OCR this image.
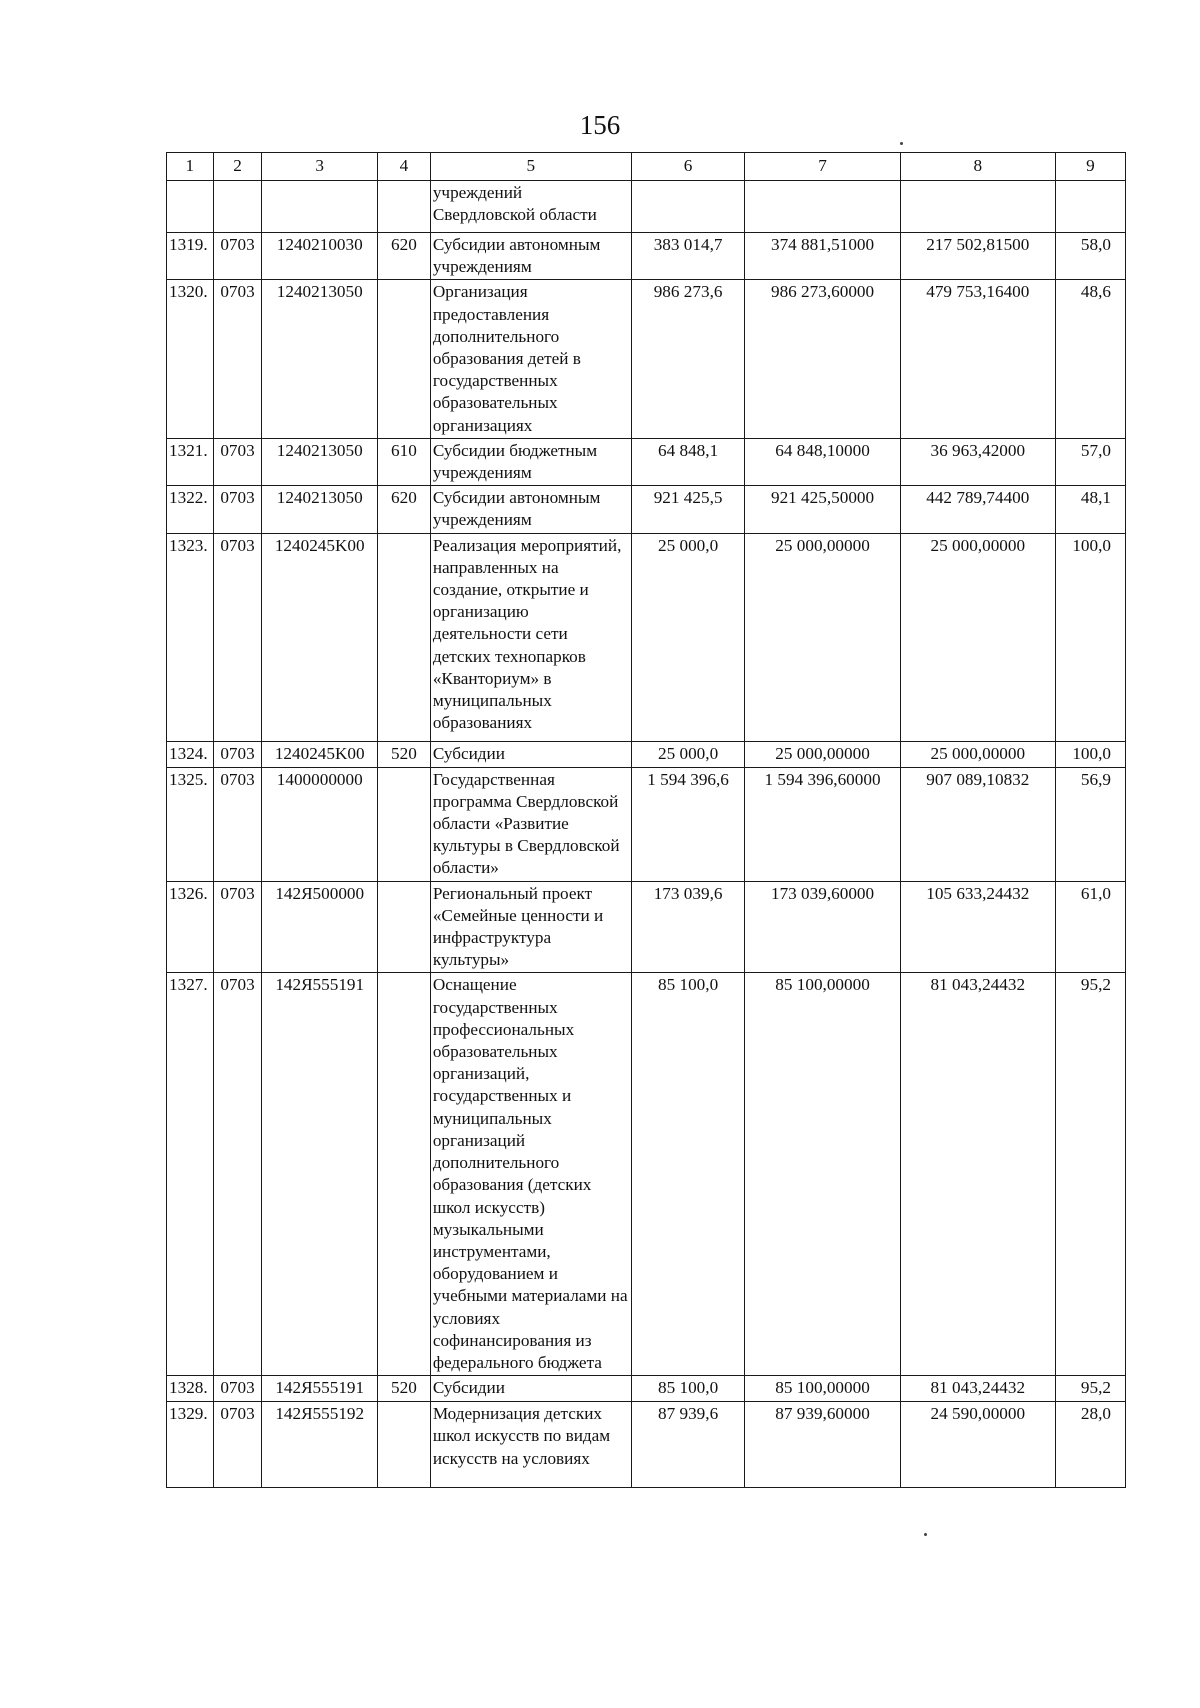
156
1	2	3	4	5	6	7	8	9
				учреждений Свердловской области				
1319.	0703	1240210030	620	Субсидии автономным учреждениям	383 014,7	374 881,51000	217 502,81500	58,0
1320.	0703	1240213050		Организация предоставления дополнительного образования детей в государственных образовательных организациях	986 273,6	986 273,60000	479 753,16400	48,6
1321.	0703	1240213050	610	Субсидии бюджетным учреждениям	64 848,1	64 848,10000	36 963,42000	57,0
1322.	0703	1240213050	620	Субсидии автономным учреждениям	921 425,5	921 425,50000	442 789,74400	48,1
1323.	0703	1240245K00		Реализация мероприятий, направленных на создание, открытие и организацию деятельности сети детских технопарков «Кванториум» в муниципальных образованиях	25 000,0	25 000,00000	25 000,00000	100,0
1324.	0703	1240245K00	520	Субсидии	25 000,0	25 000,00000	25 000,00000	100,0
1325.	0703	1400000000		Государственная программа Свердловской области «Развитие культуры в Свердловской области»	1 594 396,6	1 594 396,60000	907 089,10832	56,9
1326.	0703	142Я500000		Региональный проект «Семейные ценности и инфраструктура культуры»	173 039,6	173 039,60000	105 633,24432	61,0
1327.	0703	142Я555191		Оснащение государственных профессиональных образовательных организаций, государственных и муниципальных организаций дополнительного образования (детских школ искусств) музыкальными инструментами, оборудованием и учебными материалами на условиях софинансирования из федерального бюджета	85 100,0	85 100,00000	81 043,24432	95,2
1328.	0703	142Я555191	520	Субсидии	85 100,0	85 100,00000	81 043,24432	95,2
1329.	0703	142Я555192		Модернизация детских школ искусств по видам искусств на условиях	87 939,6	87 939,60000	24 590,00000	28,0
